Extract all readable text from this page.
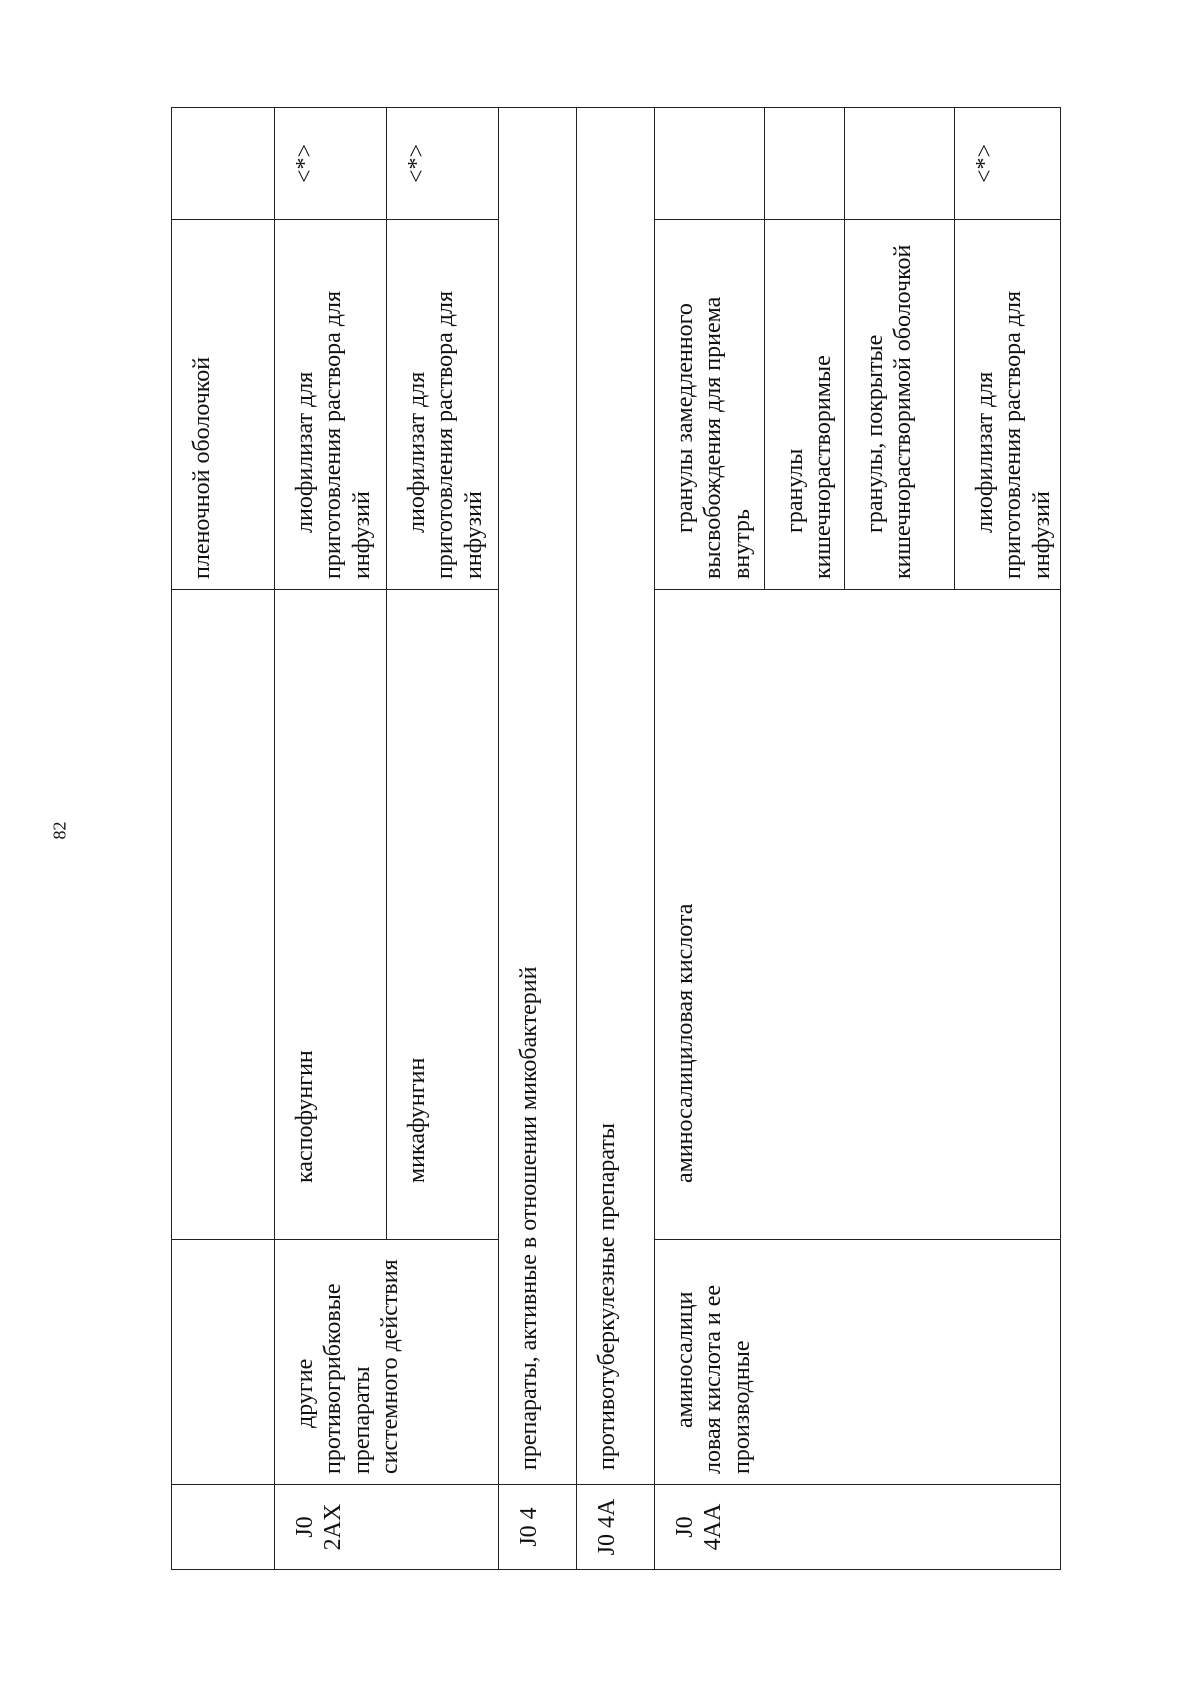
82
			пленочной оболочкой	
J0 2AX	другие противогрибковые препараты системного действия	каспофунгин	лиофилизат для приготовления раствора для инфузий	<*>
		микафунгин	лиофилизат для приготовления раствора для инфузий	<*>
J0 4	препараты, активные в отношении микобактерий			
J0 4A	противотуберкулезные препараты			
J0 4AA	аминосалици ловая кислота и ее производные	аминосалициловая кислота	гранулы замедленного высвобождения для приема внутрь	
			гранулы кишечнорастворимые	
			гранулы, покрытые кишечнорастворимой оболочкой	
			лиофилизат для приготовления раствора для инфузий	<*>
